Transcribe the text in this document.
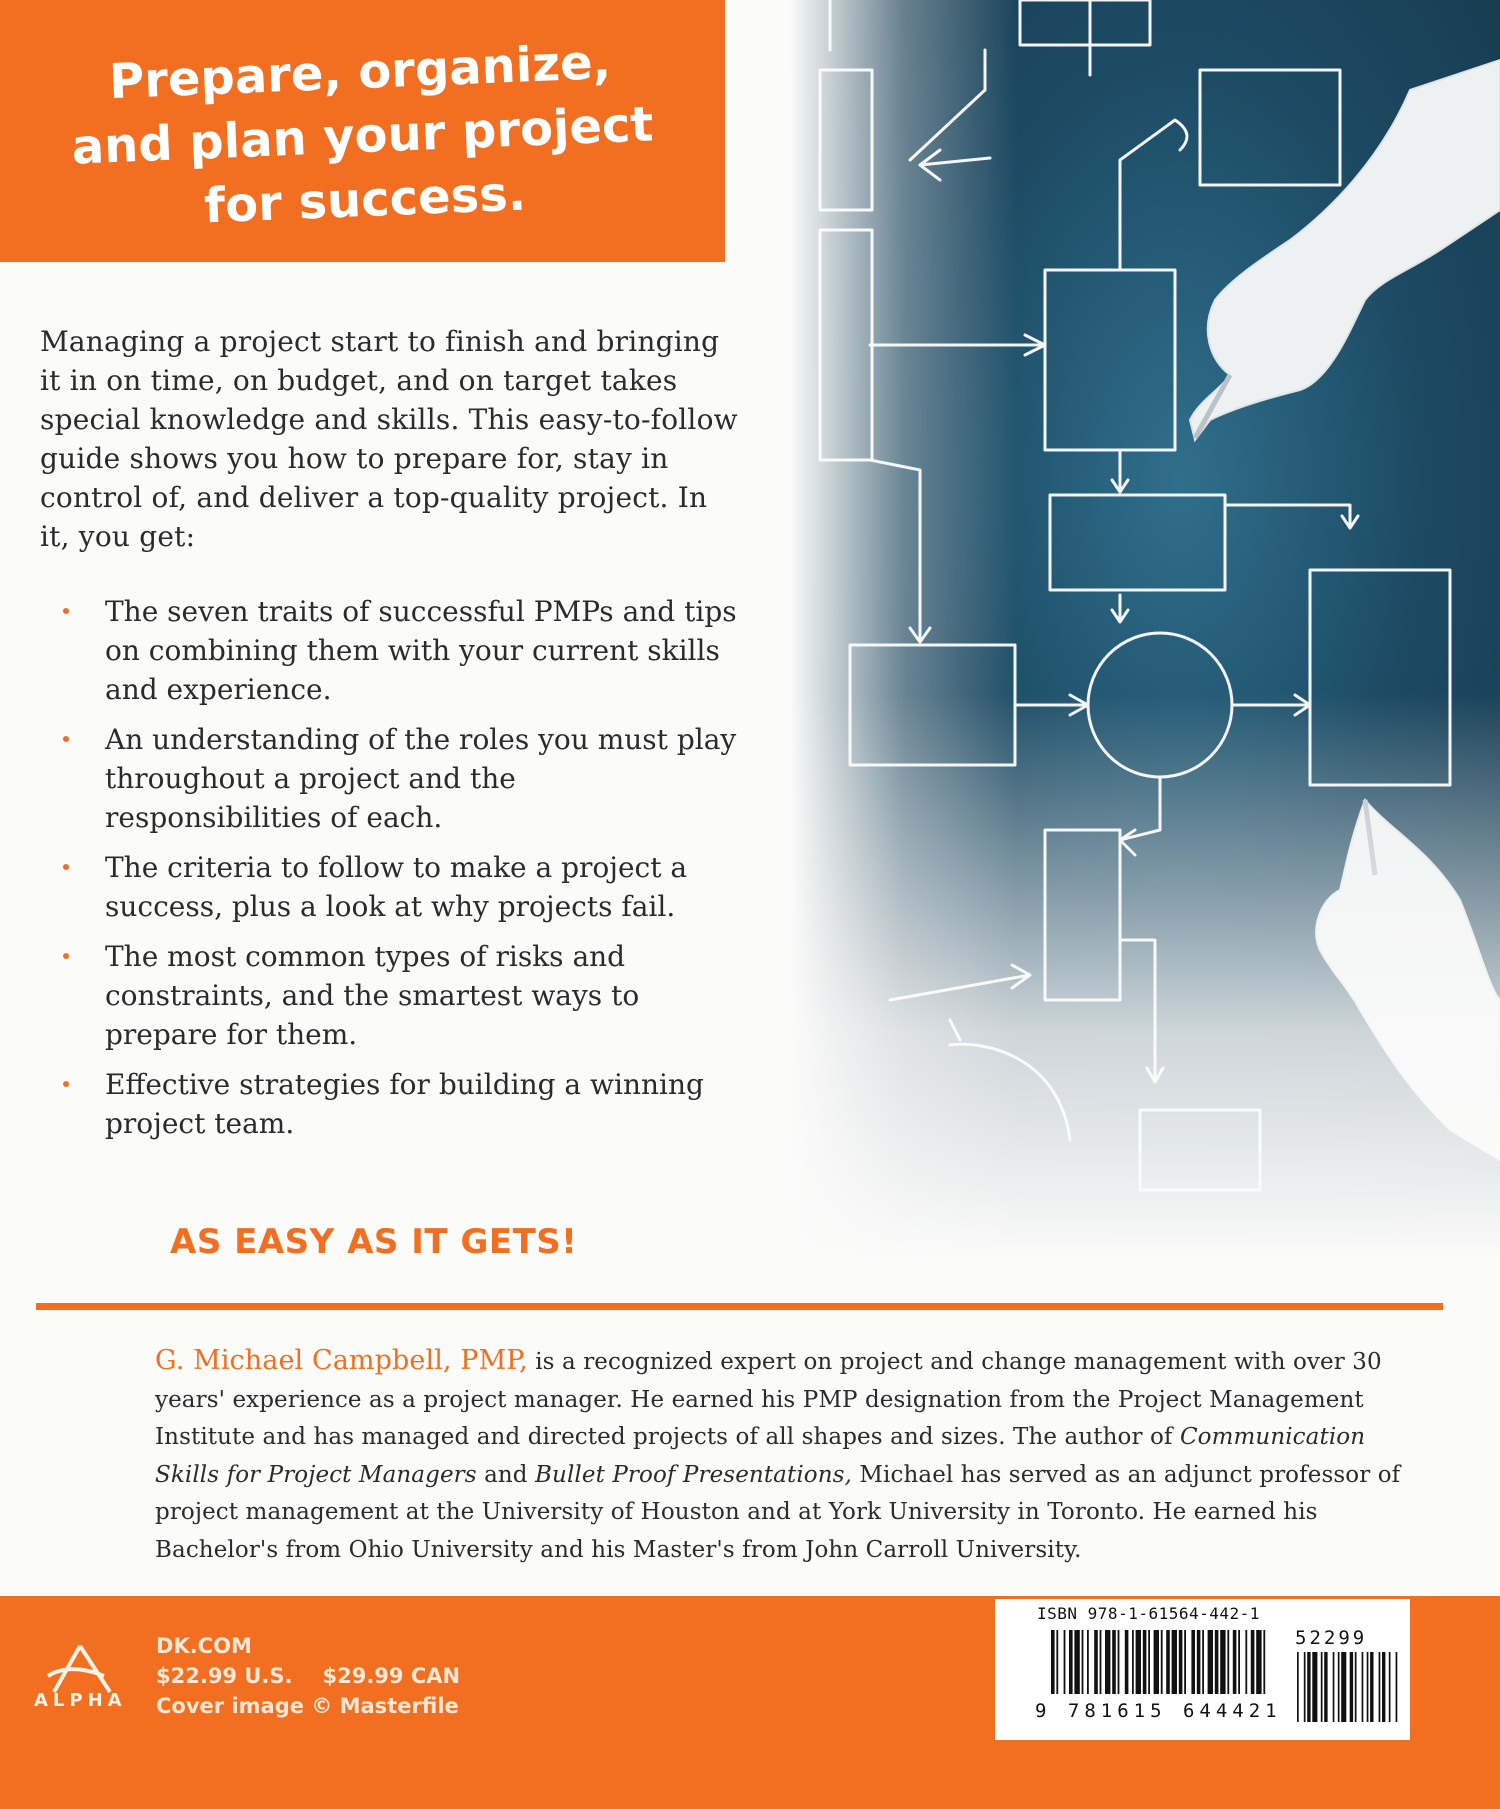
Prepare, organize,
and plan your project
for success.
Managing a project start to finish and bringing it in on time, on budget, and on target takes special knowledge and skills. This easy-to-follow guide shows you how to prepare for, stay in control of, and deliver a top-quality project. In it, you get:
The seven traits of successful PMPs and tips on combining them with your current skills and experience.
An understanding of the roles you must play throughout a project and the responsibilities of each.
The criteria to follow to make a project a success, plus a look at why projects fail.
The most common types of risks and constraints, and the smartest ways to prepare for them.
Effective strategies for building a winning project team.
AS EASY AS IT GETS!
G. Michael Campbell, PMP, is a recognized expert on project and change management with over 30 years' experience as a project manager. He earned his PMP designation from the Project Management Institute and has managed and directed projects of all shapes and sizes. The author of Communication Skills for Project Managers and Bullet Proof Presentations, Michael has served as an adjunct professor of project management at the University of Houston and at York University in Toronto. He earned his Bachelor's from Ohio University and his Master's from John Carroll University.
ALPHA
DK.COM
$22.99 U.S. $29.99 CAN
Cover image © Masterfile
ISBN 978-1-61564-442-1
52299
9 781615 644421
